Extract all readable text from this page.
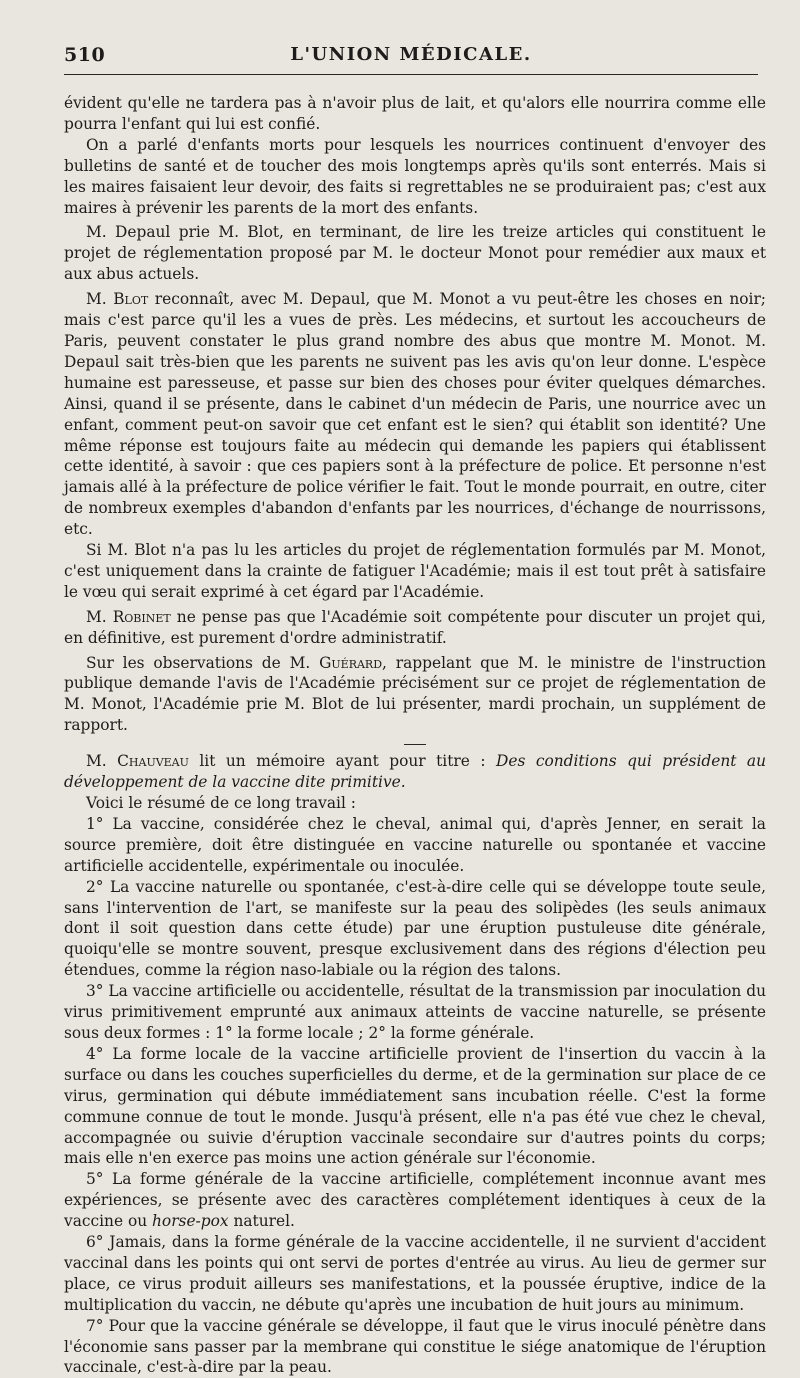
510	L'UNION MÉDICALE.

évident qu'elle ne tardera pas à n'avoir plus de lait, et qu'alors elle nourrira comme elle pourra l'enfant qui lui est confié.

On a parlé d'enfants morts pour lesquels les nourrices continuent d'envoyer des bulletins de santé et de toucher des mois longtemps après qu'ils sont enterrés. Mais si les maires faisaient leur devoir, des faits si regrettables ne se produiraient pas; c'est aux maires à prévenir les parents de la mort des enfants.

M. Depaul prie M. Blot, en terminant, de lire les treize articles qui constituent le projet de réglementation proposé par M. le docteur Monot pour remédier aux maux et aux abus actuels.

M. Blot reconnaît, avec M. Depaul, que M. Monot a vu peut-être les choses en noir; mais c'est parce qu'il les a vues de près. Les médecins, et surtout les accoucheurs de Paris, peuvent constater le plus grand nombre des abus que montre M. Monot. M. Depaul sait très-bien que les parents ne suivent pas les avis qu'on leur donne. L'espèce humaine est paresseuse, et passe sur bien des choses pour éviter quelques démarches. Ainsi, quand il se présente, dans le cabinet d'un médecin de Paris, une nourrice avec un enfant, comment peut-on savoir que cet enfant est le sien? qui établit son identité? Une même réponse est toujours faite au médecin qui demande les papiers qui établissent cette identité, à savoir : que ces papiers sont à la préfecture de police. Et personne n'est jamais allé à la préfecture de police vérifier le fait. Tout le monde pourrait, en outre, citer de nombreux exemples d'abandon d'enfants par les nourrices, d'échange de nourrissons, etc.

Si M. Blot n'a pas lu les articles du projet de réglementation formulés par M. Monot, c'est uniquement dans la crainte de fatiguer l'Académie; mais il est tout prêt à satisfaire le vœu qui serait exprimé à cet égard par l'Académie.

M. Robinet ne pense pas que l'Académie soit compétente pour discuter un projet qui, en définitive, est purement d'ordre administratif.

Sur les observations de M. Guérard, rappelant que M. le ministre de l'instruction publique demande l'avis de l'Académie précisément sur ce projet de réglementation de M. Monot, l'Académie prie M. Blot de lui présenter, mardi prochain, un supplément de rapport.

M. Chauveau lit un mémoire ayant pour titre : Des conditions qui président au développement de la vaccine dite primitive.

Voici le résumé de ce long travail :

1° La vaccine, considérée chez le cheval, animal qui, d'après Jenner, en serait la source première, doit être distinguée en vaccine naturelle ou spontanée et vaccine artificielle accidentelle, expérimentale ou inoculée.

2° La vaccine naturelle ou spontanée, c'est-à-dire celle qui se développe toute seule, sans l'intervention de l'art, se manifeste sur la peau des solipèdes (les seuls animaux dont il soit question dans cette étude) par une éruption pustuleuse dite générale, quoiqu'elle se montre souvent, presque exclusivement dans des régions d'élection peu étendues, comme la région naso-labiale ou la région des talons.

3° La vaccine artificielle ou accidentelle, résultat de la transmission par inoculation du virus primitivement emprunté aux animaux atteints de vaccine naturelle, se présente sous deux formes : 1° la forme locale ; 2° la forme générale.

4° La forme locale de la vaccine artificielle provient de l'insertion du vaccin à la surface ou dans les couches superficielles du derme, et de la germination sur place de ce virus, germination qui débute immédiatement sans incubation réelle. C'est la forme commune connue de tout le monde. Jusqu'à présent, elle n'a pas été vue chez le cheval, accompagnée ou suivie d'éruption vaccinale secondaire sur d'autres points du corps; mais elle n'en exerce pas moins une action générale sur l'économie.

5° La forme générale de la vaccine artificielle, complétement inconnue avant mes expériences, se présente avec des caractères complétement identiques à ceux de la vaccine ou horse-pox naturel.

6° Jamais, dans la forme générale de la vaccine accidentelle, il ne survient d'accident vaccinal dans les points qui ont servi de portes d'entrée au virus. Au lieu de germer sur place, ce virus produit ailleurs ses manifestations, et la poussée éruptive, indice de la multiplication du vaccin, ne débute qu'après une incubation de huit jours au minimum.

7° Pour que la vaccine générale se développe, il faut que le virus inoculé pénètre dans l'économie sans passer par la membrane qui constitue le siége anatomique de l'éruption vaccinale, c'est-à-dire par la peau.
